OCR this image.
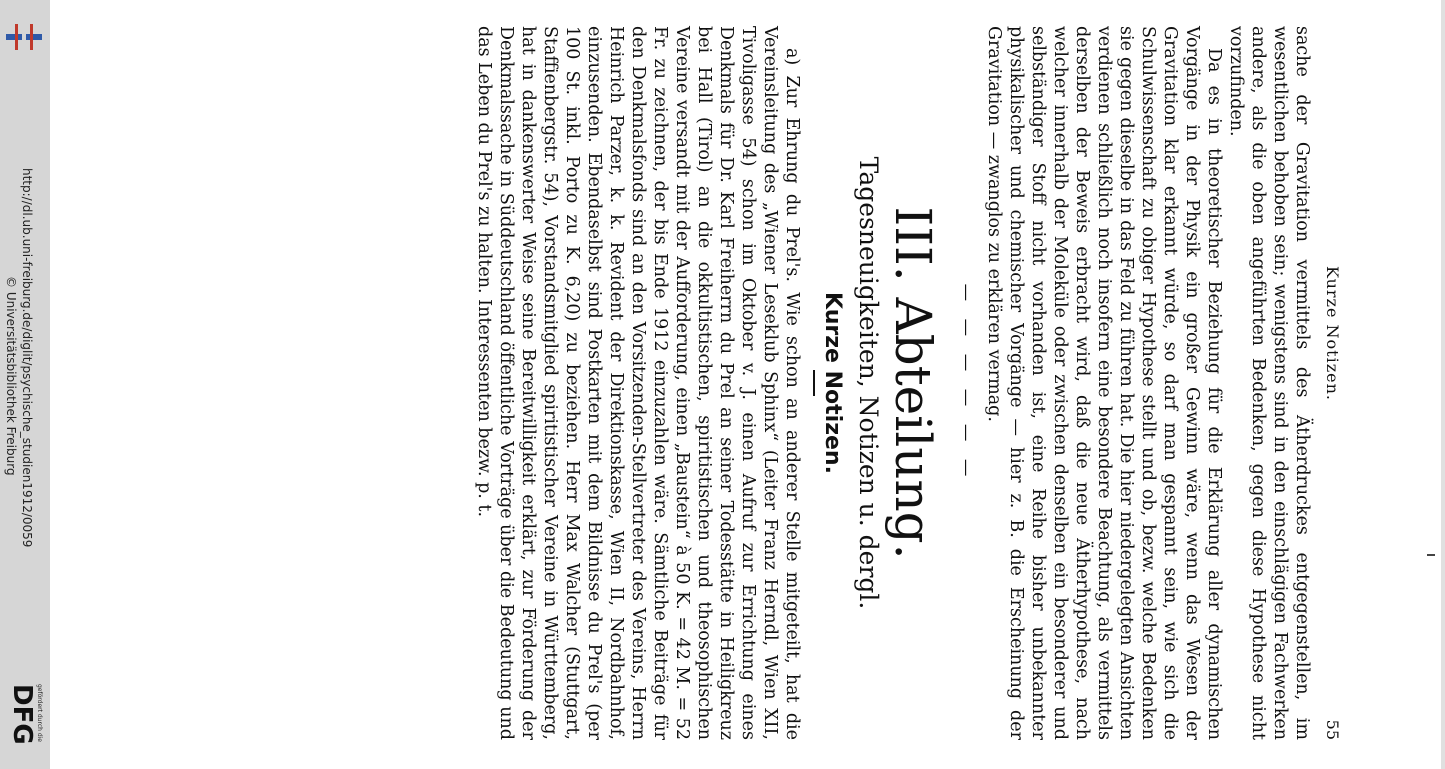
http://dl.ub.uni-freiburg.de/diglit/psychische_studien1912/0059
© Universitätsbibliothek Freiburg
gefördert durch die
DFG
Kurze Notizen.
55

sache der Gravitation vermittels des Ätherdruckes entgegenstellen, im wesentlichen behoben sein; wenigstens sind in den einschlägigen Fachwerken andere, als die oben angeführten Bedenken, gegen diese Hypothese nicht vorzufinden.

Da es in theoretischer Beziehung für die Erklärung aller dynamischen Vorgänge in der Physik ein großer Gewinn wäre, wenn das Wesen der Gravitation klar erkannt würde, so darf man gespannt sein, wie sich die Schulwissenschaft zu obiger Hypothese stellt und ob, bezw. welche Bedenken sie gegen dieselbe in das Feld zu führen hat. Die hier niedergelegten Ansichten verdienen schließlich noch insofern eine besondere Beachtung, als vermittels derselben der Beweis erbracht wird, daß die neue Ätherhypothese, nach welcher innerhalb der Moleküle oder zwischen denselben ein besonderer und selbständiger Stoff nicht vorhanden ist, eine Reihe bisher unbekannter physikalischer und chemischer Vorgänge — hier z. B. die Erscheinung der Gravitation — zwanglos zu erklären vermag.

— — — — — —
III. Abteilung.
Tagesneuigkeiten, Notizen u. dergl.
Kurze Notizen.

a) Zur Ehrung du Prel's. Wie schon an anderer Stelle mitgeteilt, hat die Vereinsleitung des „Wiener Leseklub Sphinx“ (Leiter Franz Herndl, Wien XII, Tivoligasse 54) schon im Oktober v. J. einen Aufruf zur Errichtung eines Denkmals für Dr. Karl Freiherrn du Prel an seiner Todesstätte in Heiligkreuz bei Hall (Tirol) an die okkultistischen, spiritistischen und theosophischen Vereine versandt mit der Aufforderung, einen „Baustein“ à 50 K. = 42 M. = 52 Fr. zu zeichnen, der bis Ende 1912 einzuzahlen wäre. Sämtliche Beiträge für den Denkmalsfonds sind an den Vorsitzenden-Stellvertreter des Vereins, Herrn Heinrich Parzer, k. k. Revident der Direktionskasse, Wien II, Nordbahnhof, einzusenden. Ebendaselbst sind Postkarten mit dem Bildnisse du Prel's (per 100 St. inkl. Porto zu K. 6,20) zu beziehen. Herr Max Walcher (Stuttgart, Staffienbergstr. 54), Vorstandsmitglied spiritistischer Vereine in Württemberg, hat in dankenswerter Weise seine Bereitwilligkeit erklärt, zur Förderung der Denkmalssache in Süddeutschland öffentliche Vorträge über die Bedeutung und das Leben du Prel's zu halten. Interessenten bezw. p. t.
